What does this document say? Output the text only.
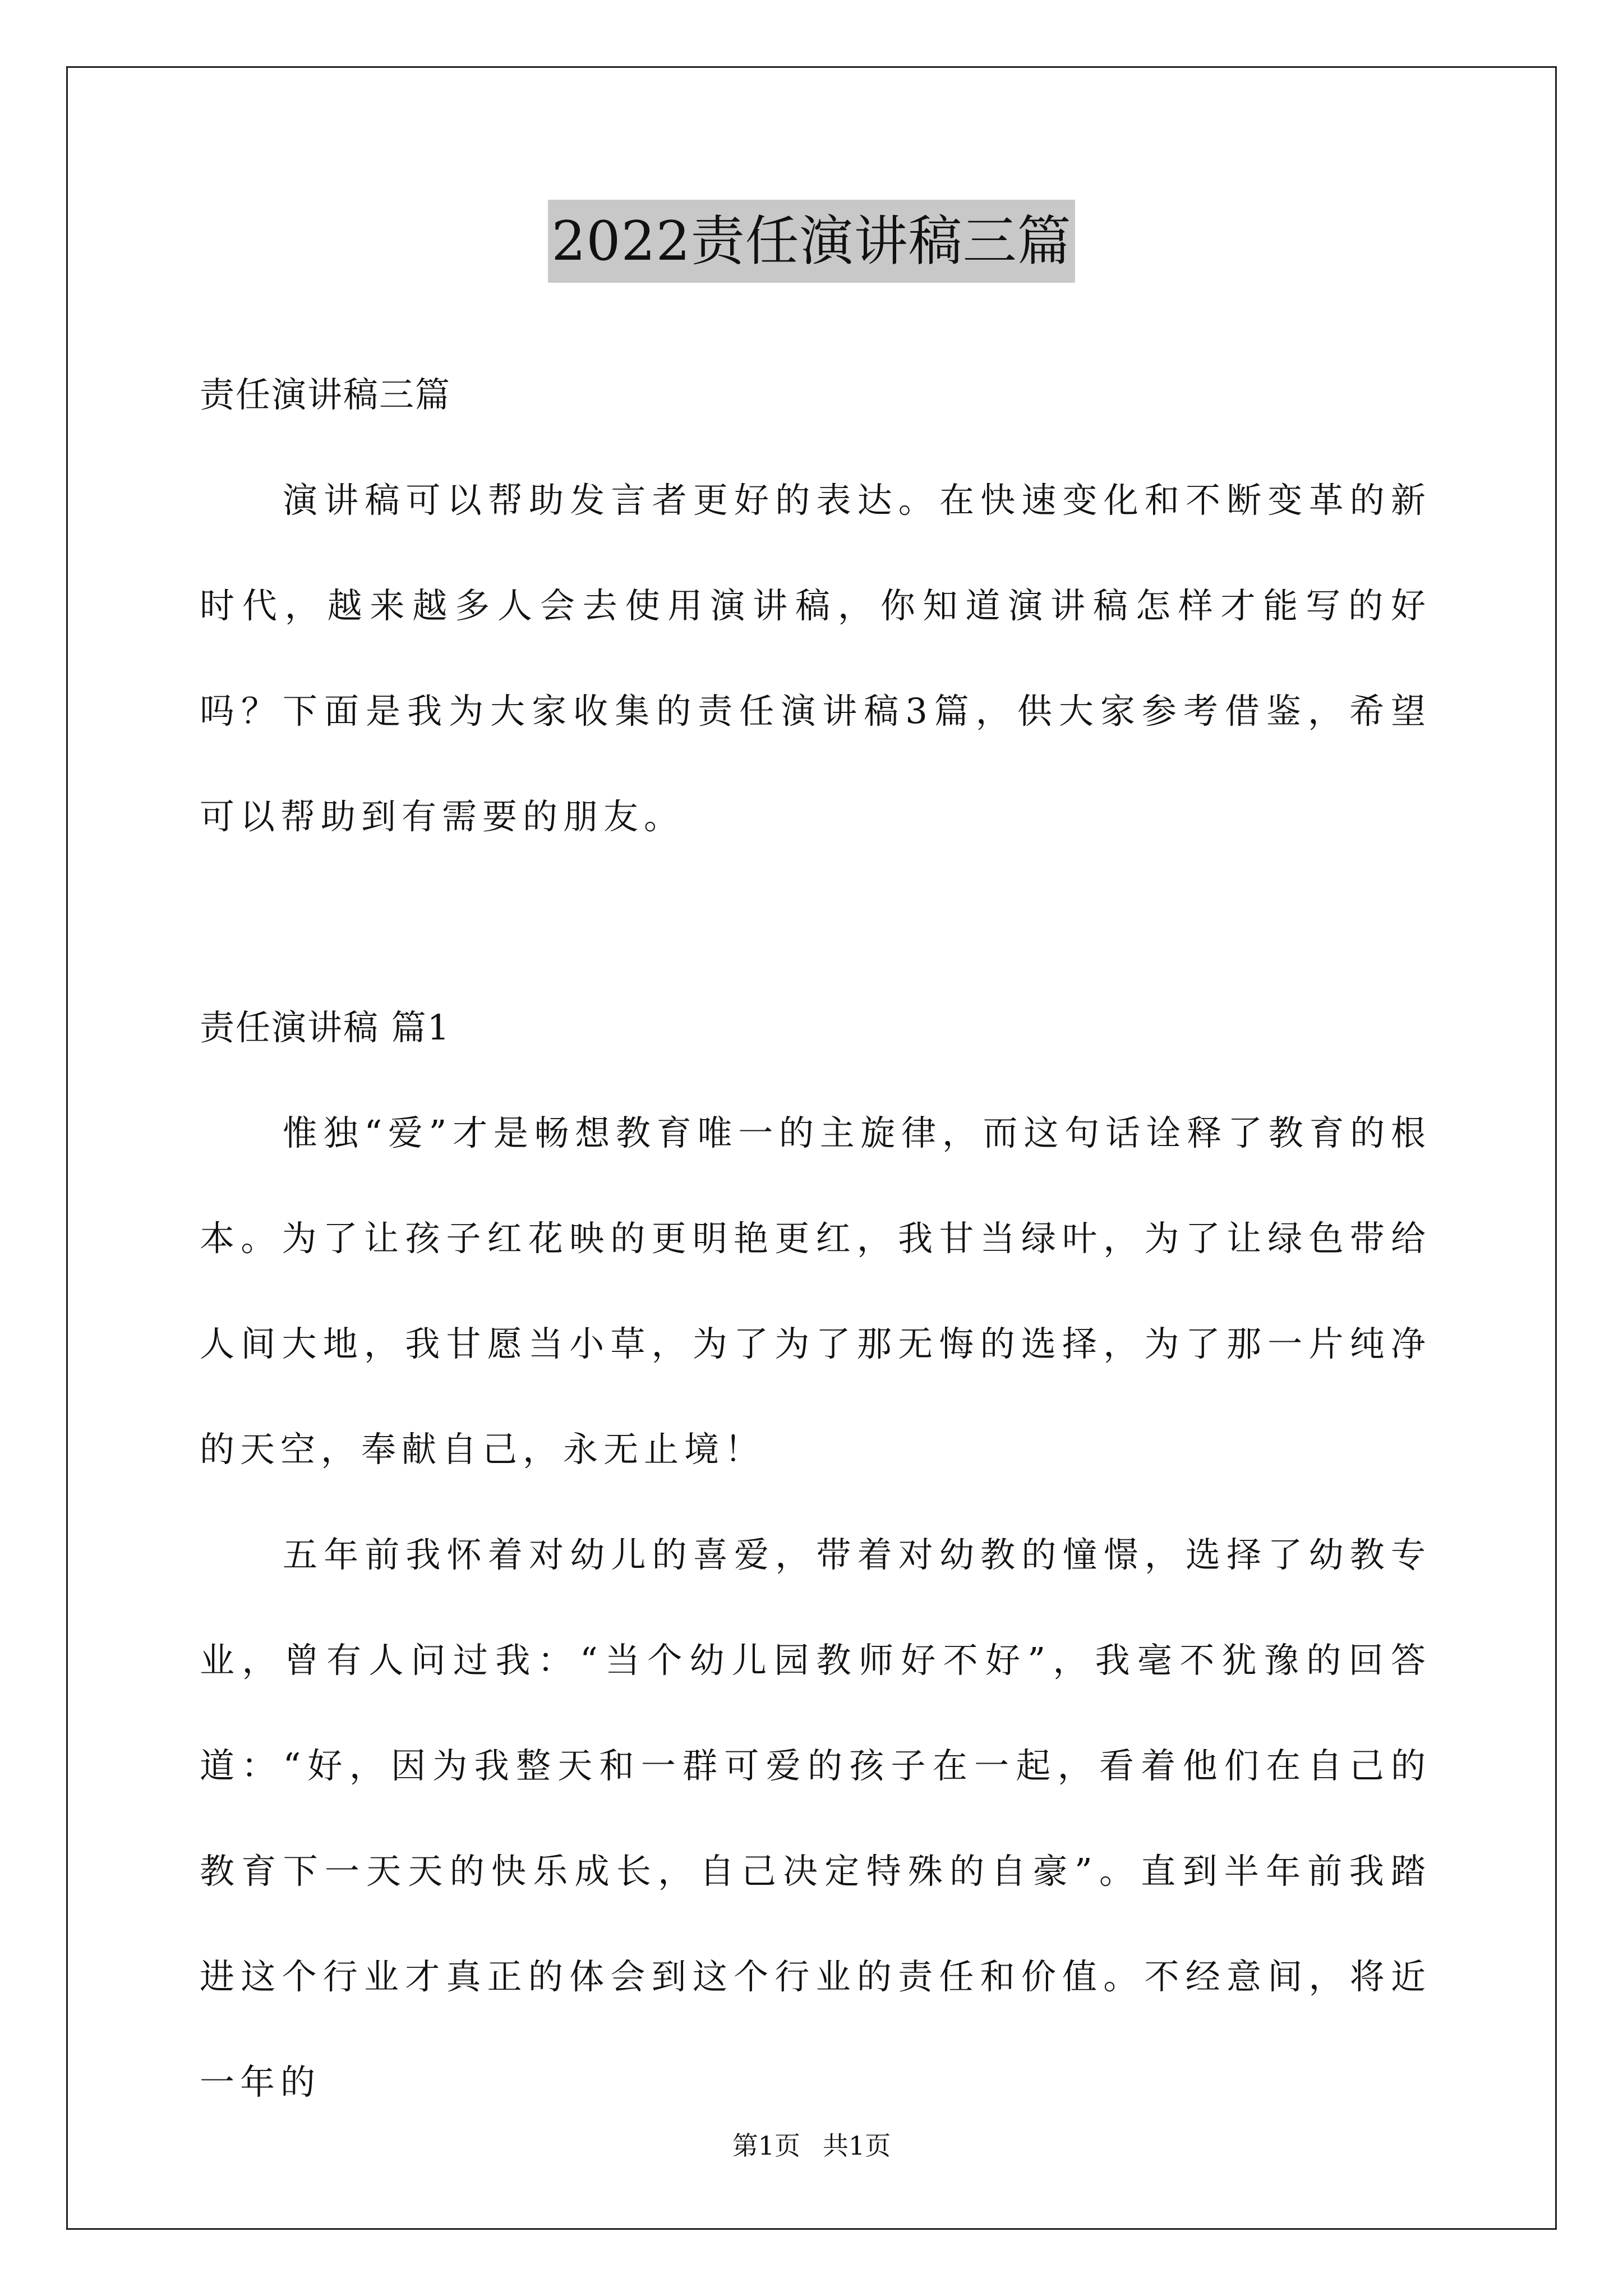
2022责任演讲稿三篇

责任演讲稿三篇

演讲稿可以帮助发言者更好的表达。在快速变化和不断变革的新时代，越来越多人会去使用演讲稿，你知道演讲稿怎样才能写的好吗？下面是我为大家收集的责任演讲稿3篇，供大家参考借鉴，希望可以帮助到有需要的朋友。

责任演讲稿 篇1

惟独“爱”才是畅想教育唯一的主旋律，而这句话诠释了教育的根本。为了让孩子红花映的更明艳更红，我甘当绿叶，为了让绿色带给人间大地，我甘愿当小草，为了为了那无悔的选择，为了那一片纯净的天空，奉献自己，永无止境！

五年前我怀着对幼儿的喜爱，带着对幼教的憧憬，选择了幼教专业，曾有人问过我：“当个幼儿园教师好不好”，我毫不犹豫的回答道：“好，因为我整天和一群可爱的孩子在一起，看着他们在自己的教育下一天天的快乐成长，自己决定特殊的自豪”。直到半年前我踏进这个行业才真正的体会到这个行业的责任和价值。不经意间，将近一年的

第1页 共1页
